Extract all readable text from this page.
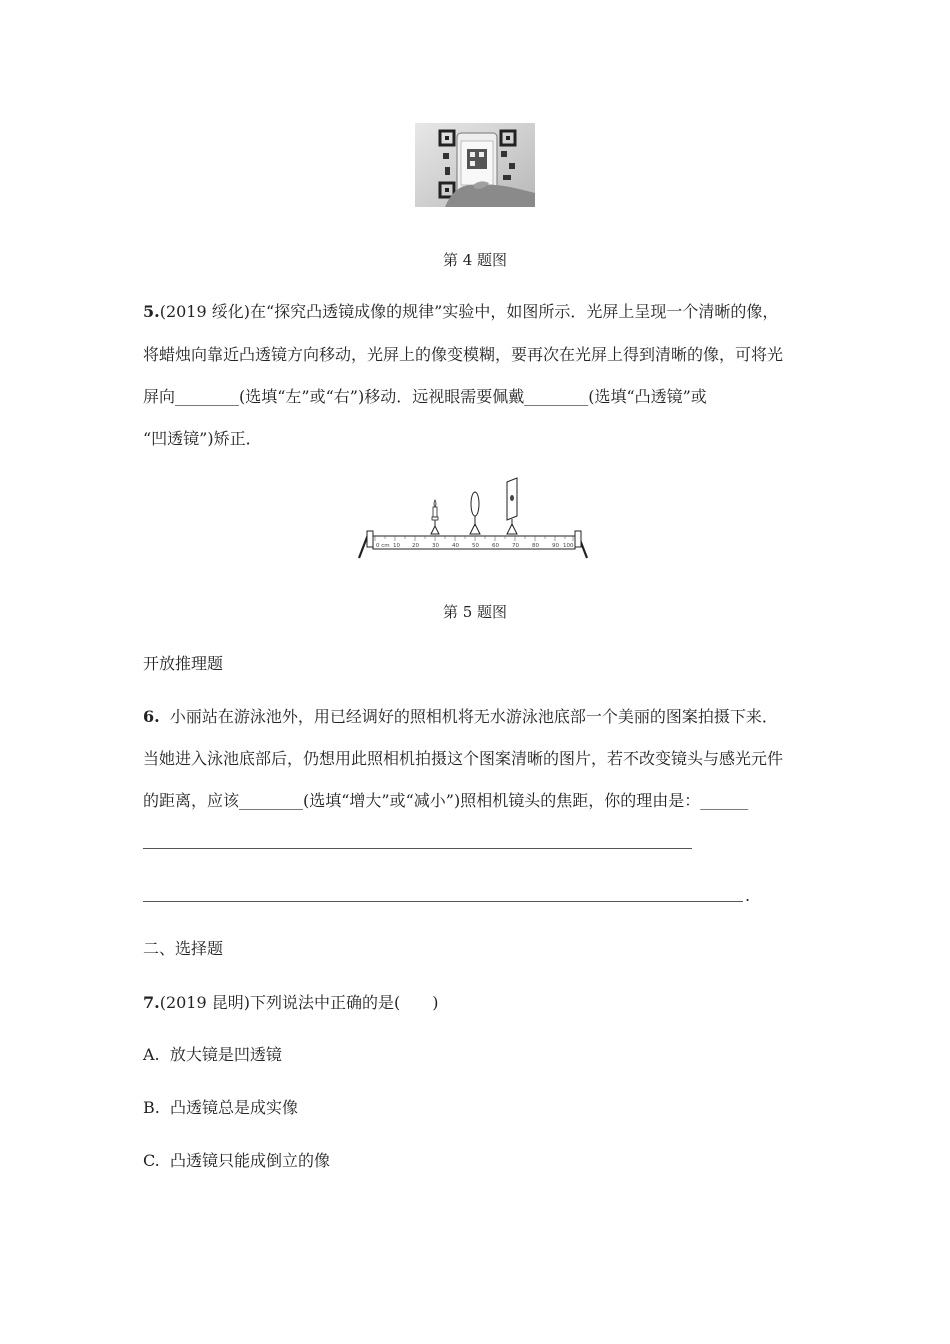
第 4 题图
5.(2019 绥化)在“探究凸透镜成像的规律”实验中，如图所示．光屏上呈现一个清晰的像，
将蜡烛向靠近凸透镜方向移动，光屏上的像变模糊，要再次在光屏上得到清晰的像，可将光
屏向________(选填“左”或“右”)移动．远视眼需要佩戴________(选填“凸透镜”或
“凹透镜”)矫正．
0 cm 10 20 30 40 50 60 70 80 90 100
第 5 题图
开放推理题
6. 小丽站在游泳池外，用已经调好的照相机将无水游泳池底部一个美丽的图案拍摄下来．
当她进入泳池底部后，仍想用此照相机拍摄这个图案清晰的图片，若不改变镜头与感光元件
的距离，应该________(选填“增大”或“减小”)照相机镜头的焦距，你的理由是：______
.
二、选择题
7.(2019 昆明)下列说法中正确的是(　　)
A. 放大镜是凹透镜
B. 凸透镜总是成实像
C. 凸透镜只能成倒立的像
